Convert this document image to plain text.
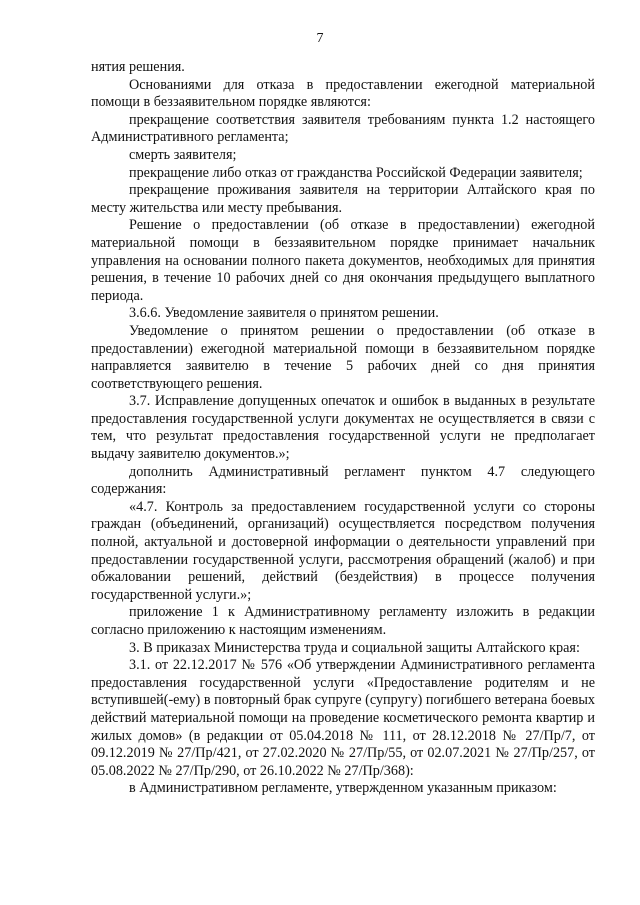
7

нятия решения.

Основаниями для отказа в предоставлении ежегодной материальной помощи в беззаявительном порядке являются:

прекращение соответствия заявителя требованиям пункта 1.2 настоящего Административного регламента;

смерть заявителя;

прекращение либо отказ от гражданства Российской Федерации заявителя;

прекращение проживания заявителя на территории Алтайского края по месту жительства или месту пребывания.

Решение о предоставлении (об отказе в предоставлении) ежегодной материальной помощи в беззаявительном порядке принимает начальник управления на основании полного пакета документов, необходимых для принятия решения, в течение 10 рабочих дней со дня окончания предыдущего выплатного периода.

3.6.6. Уведомление заявителя о принятом решении.

Уведомление о принятом решении о предоставлении (об отказе в предоставлении) ежегодной материальной помощи в беззаявительном порядке направляется заявителю в течение 5 рабочих дней со дня принятия соответствующего решения.

3.7. Исправление допущенных опечаток и ошибок в выданных в результате предоставления государственной услуги документах не осуществляется в связи с тем, что результат предоставления государственной услуги не предполагает выдачу заявителю документов.»;

дополнить Административный регламент пунктом 4.7 следующего содержания:

«4.7. Контроль за предоставлением государственной услуги со стороны граждан (объединений, организаций) осуществляется посредством получения полной, актуальной и достоверной информации о деятельности управлений при предоставлении государственной услуги, рассмотрения обращений (жалоб) и при обжаловании решений, действий (бездействия) в процессе получения государственной услуги.»;

приложение 1 к Административному регламенту изложить в редакции согласно приложению к настоящим изменениям.

3. В приказах Министерства труда и социальной защиты Алтайского края:

3.1. от 22.12.2017 № 576 «Об утверждении Административного регламента предоставления государственной услуги «Предоставление родителям и не вступившей(-ему) в повторный брак супруге (супругу) погибшего ветерана боевых действий материальной помощи на проведение косметического ремонта квартир и жилых домов» (в редакции от 05.04.2018 № 111, от 28.12.2018 № 27/Пр/7, от 09.12.2019 № 27/Пр/421, от 27.02.2020 № 27/Пр/55, от 02.07.2021 № 27/Пр/257, от 05.08.2022 № 27/Пр/290, от 26.10.2022 № 27/Пр/368):

в Административном регламенте, утвержденном указанным приказом:
